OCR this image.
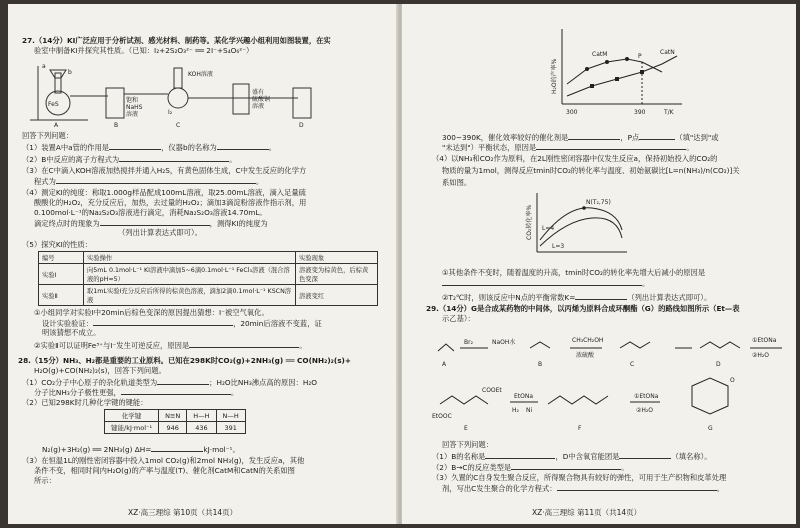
27.（14分）KI广泛应用于分析试剂、感光材料、制药等。某化学兴趣小组利用如图装置，在实
验室中制备KI并探究其性质。（已知：I₂+2S₂O₃²⁻ ══ 2I⁻+S₄O₆²⁻）
a
b
FeS
A
饱和
NaHS
溶液
B
KOH溶液
I₂
C	D
盛有
硫酸铜
溶液
回答下列问题：
（1）装置A中a管的作用是	，仪器b的名称为	。
（2）B中反应的离子方程式为	。
（3）在C中滴入KOH溶液加热搅拌并通入H₂S，有黄色固体生成，C中发生反应的化学方
程式为	。
（4）测定KI的纯度：称取1.000g样品配成100mL溶液，取25.00mL溶液，滴入足量硫
酸酸化的H₂O₂，充分反应后，加热，去过量的H₂O₂；滴加3滴淀粉溶液作指示剂，用
0.100mol·L⁻¹的Na₂S₂O₃溶液进行滴定，消耗Na₂S₂O₃溶液14.70mL。
滴定终点时的现象为	，测得KI的纯度为
（列出计算表达式即可）。
（5）探究KI的性质：
编号	实验操作	实验现象
实验Ⅰ	向5mL 0.1mol·L⁻¹ KI溶液中滴加5~6滴0.1mol·L⁻¹ FeCl₃溶液（混合溶液的pH≈5）	溶液变为棕黄色，后棕黄色变深
实验Ⅱ	取1mL实验Ⅰ充分反应后所得的棕黄色溶液，滴加2滴0.1mol·L⁻¹ KSCN溶液	溶液变红
①小组同学对实验Ⅰ中20min后棕色变深的原因提出猜想：I⁻被空气氧化。
设计实验验证：	，20min后溶液不变蓝，证
明该猜想不成立。
②实验Ⅱ可以证明Fe³⁺与I⁻发生可逆反应，原因是	。
28.（15分）NH₃、H₂都是重要的工业原料。已知在298K时CO₂(g)+2NH₃(g) ══ CO(NH₂)₂(s)+
H₂O(g)+CO(NH₂)₂(s)，回答下列问题。
（1）CO₂分子中心原子的杂化轨道类型为	；H₂O比NH₃沸点高的原因：H₂O
分子比NH₃分子极性更强，	。
（2）已知298K时几种化学键的键能：
化学键	N≡N	H—H	N—H
键能/kJ·mol⁻¹	946	436	391
N₂(g)+3H₂(g) ══ 2NH₃(g) ΔH=	kJ·mol⁻¹。
（3）在恒温1L的刚性密闭容器中投入1mol CO₂(g)和2mol NH₃(g)，发生反应a，其他
条件不变，相同时间内H₂O(g)的产率与温度(T)、催化剂CatM和CatN的关系如图
所示：
XZ·高三理综 第10页（共14页）
CatM	CatN
P
300	390	T/K
H₂O的产率%
300~390K，催化效率较好的催化剂是	，P点	（填"达到"或
"未达到"）平衡状态，原因是	。
（4）以NH₃和CO₂作为原料，在2L刚性密闭容器中仅发生反应a，保持初始投入的CO₂的
物质的量为1mol，测得反应tmin时CO₂的转化率与温度、初始氨碳比[L=n(NH₃)/n(CO₂)]关
系如图。
L=4
L=3
N(T₂,75)
CO₂转化率%
①其他条件不变时，随着温度的升高，tmin时CO₂的转化率先增大后减小的原因是
。
②T₂℃时，则该反应中N点的平衡常数K=	（列出计算表达式即可）。
29.（14分）G是合成某药物的中间体，以丙烯为原料合成环酮酯（G）的路线如图所示（Et—表
示乙基）：
Br₂	NaOH水	CH₃CH₂OH
浓硫酸
①EtONa
②H₂O
EtONa
H₂ Ni
①EtONa
②H₂O
A	B	C	D
E	F	G
EtOOC
COOEt
O
回答下列问题：
（1）B的名称是	，D中含氧官能团是	（填名称）。
（2）B→C的反应类型是	。
（3）久置的C自身发生聚合反应，所得聚合物具有较好的弹性，可用于生产织物和皮革处理
剂，写出C发生聚合的化学方程式：	。
XZ·高三理综 第11页（共14页）
